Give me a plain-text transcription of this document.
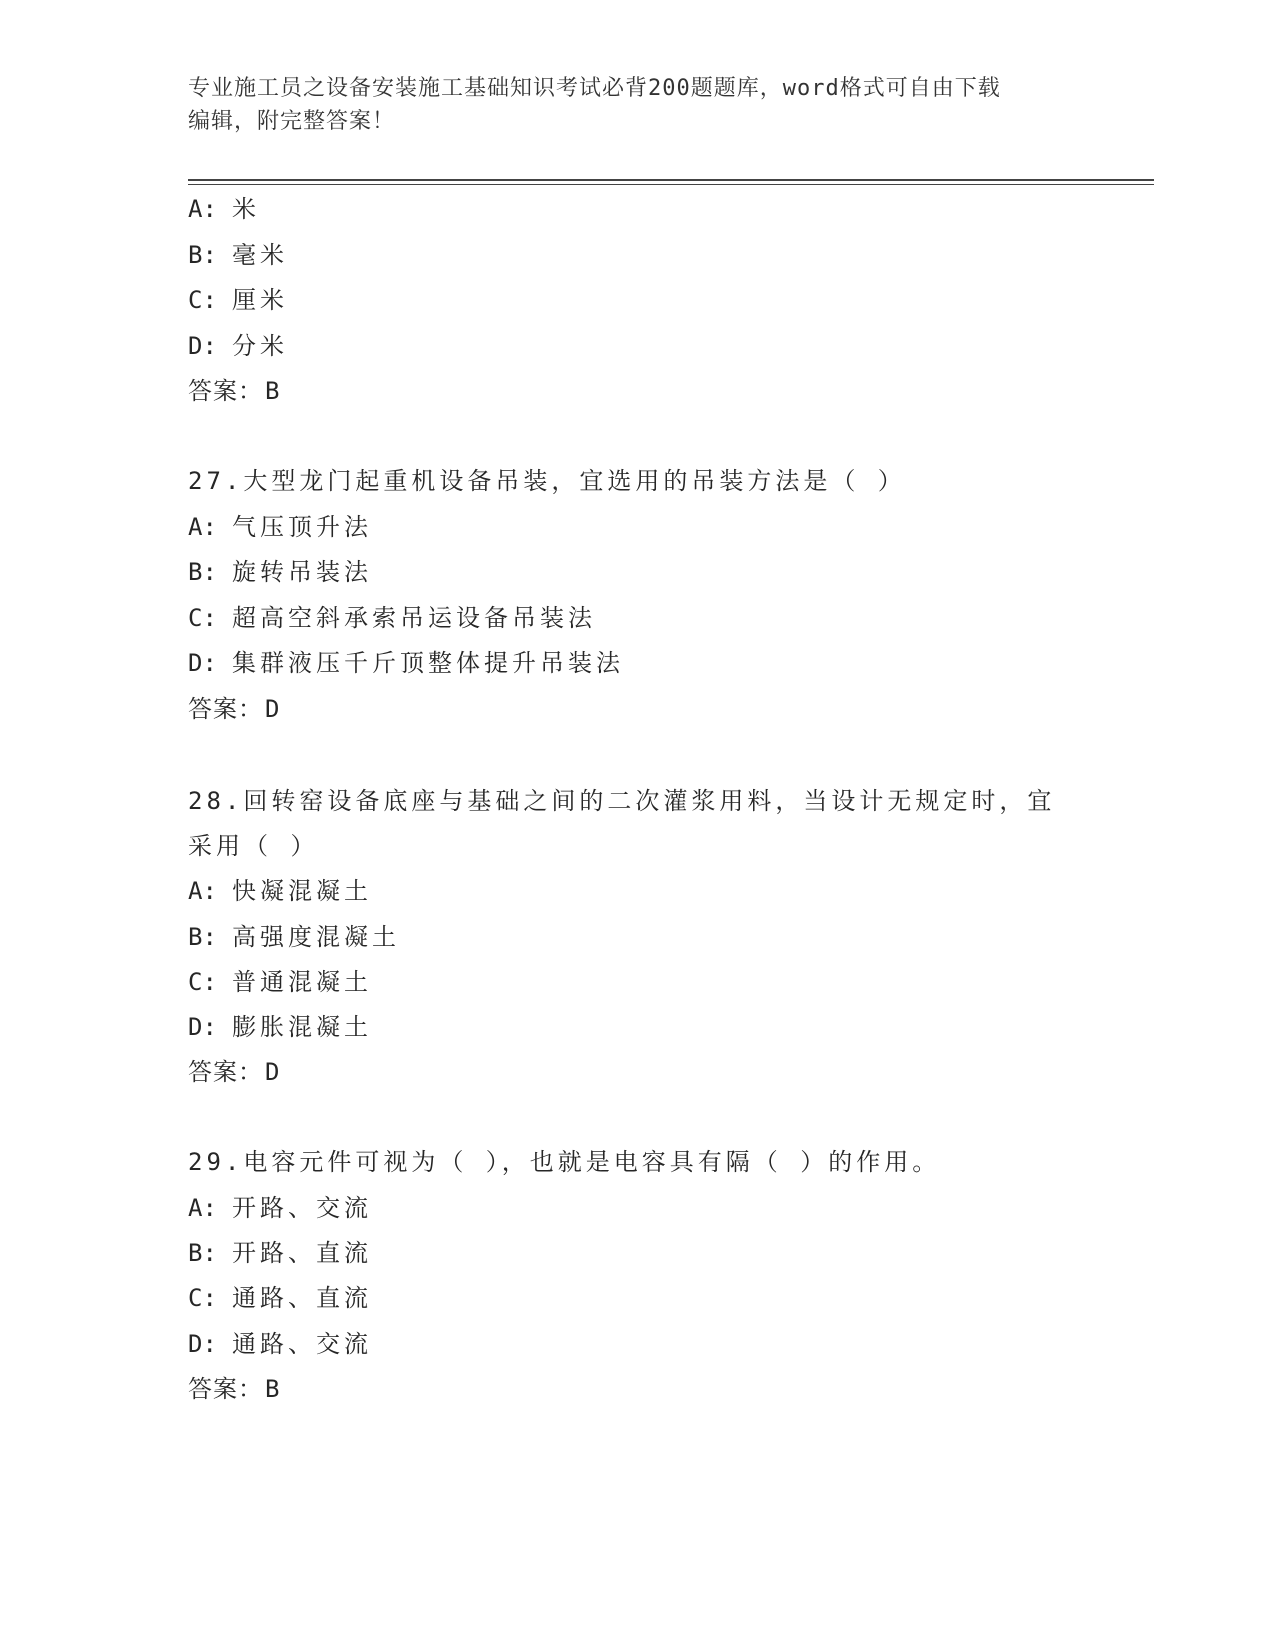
专业施工员之设备安装施工基础知识考试必背200题题库，word格式可自由下载
编辑，附完整答案！
A: 米
B: 毫米
C: 厘米
D: 分米
答案：B
27.大型龙门起重机设备吊装，宜选用的吊装方法是（ ）
A: 气压顶升法
B: 旋转吊装法
C: 超高空斜承索吊运设备吊装法
D: 集群液压千斤顶整体提升吊装法
答案：D
28.回转窑设备底座与基础之间的二次灌浆用料，当设计无规定时，宜
采用（ ）
A: 快凝混凝土
B: 高强度混凝土
C: 普通混凝土
D: 膨胀混凝土
答案：D
29.电容元件可视为（ ），也就是电容具有隔（ ）的作用。
A: 开路、交流
B: 开路、直流
C: 通路、直流
D: 通路、交流
答案：B
